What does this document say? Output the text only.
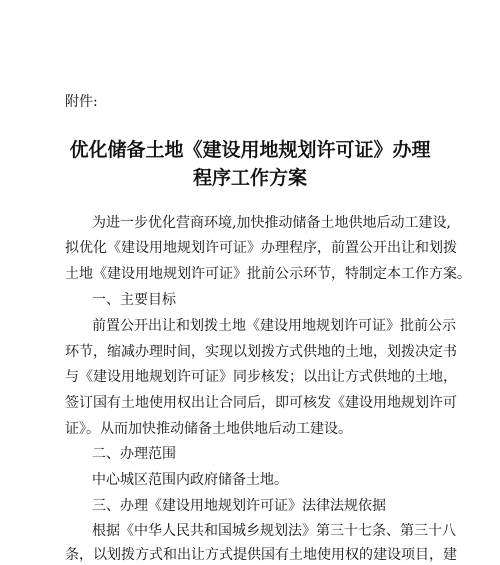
附件:
优化储备土地《建设用地规划许可证》办理
程序工作方案
为进一步优化营商环境,加快推动储备土地供地后动工建设,
拟优化《建设用地规划许可证》办理程序，前置公开出让和划拨
土地《建设用地规划许可证》批前公示环节，特制定本工作方案。
一、主要目标
前置公开出让和划拨土地《建设用地规划许可证》批前公示
环节，缩减办理时间，实现以划拨方式供地的土地，划拨决定书
与《建设用地规划许可证》同步核发；以出让方式供地的土地，
签订国有土地使用权出让合同后，即可核发《建设用地规划许可
证》。从而加快推动储备土地供地后动工建设。
二、办理范围
中心城区范围内政府储备土地。
三、办理《建设用地规划许可证》法律法规依据
根据《中华人民共和国城乡规划法》第三十七条、第三十八
条，以划拨方式和出让方式提供国有土地使用权的建设项目，建
